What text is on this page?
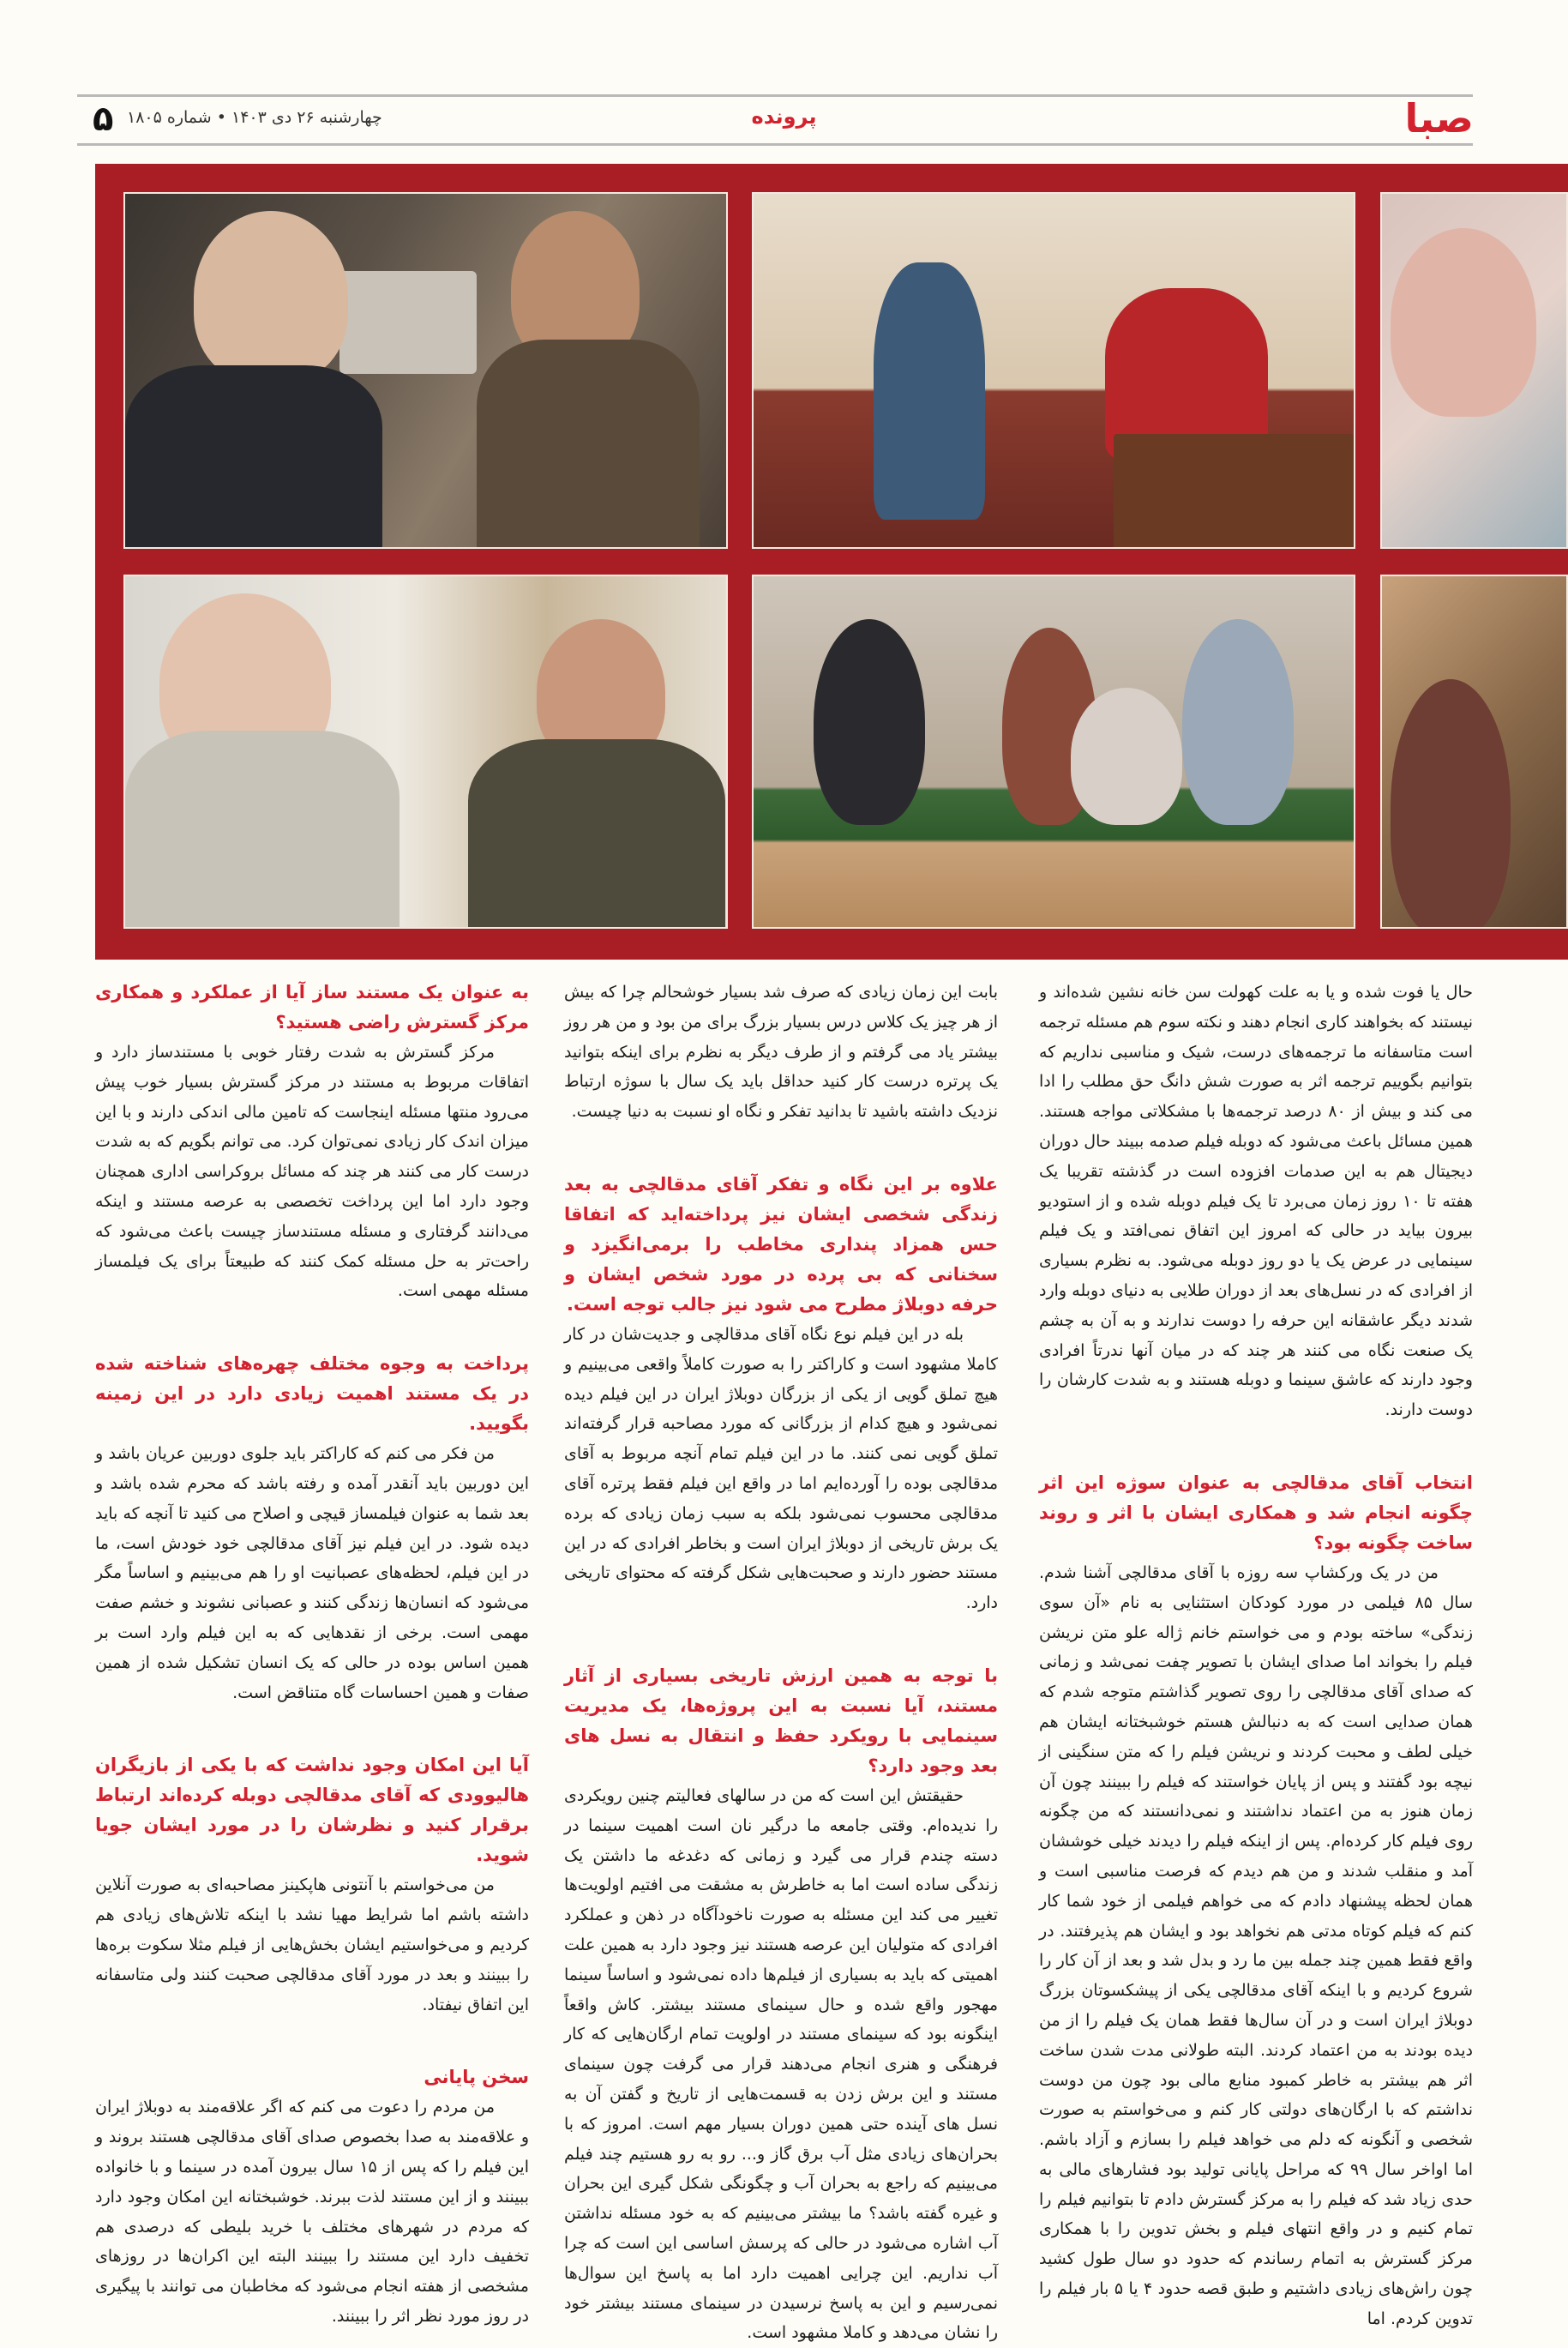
صبا
پرونده
۵ چهارشنبه ۲۶ دی ۱۴۰۳ • شماره ۱۸۰۵

حال یا فوت شده و یا به علت کهولت سن خانه نشین شده‌اند و نیستند که بخواهند کاری انجام دهند و نکته سوم هم مسئله ترجمه است متاسفانه ما ترجمه‌های درست، شیک و مناسبی نداریم که بتوانیم بگوییم ترجمه اثر به صورت شش دانگ حق مطلب را ادا می کند و بیش از ۸۰ درصد ترجمه‌ها با مشکلاتی مواجه هستند. همین مسائل باعث می‌شود که دوبله فیلم صدمه ببیند حال دوران دیجیتال هم به این صدمات افزوده است در گذشته تقریبا یک هفته تا ۱۰ روز زمان می‌برد تا یک فیلم دوبله شده و از استودیو بیرون بیاید در حالی که امروز این اتفاق نمی‌افتد و یک فیلم سینمایی در عرض یک یا دو روز دوبله می‌شود. به نظرم بسیاری از افرادی که در نسل‌های بعد از دوران طلایی به دنیای دوبله وارد شدند دیگر عاشقانه این حرفه را دوست ندارند و به آن به چشم یک صنعت نگاه می کنند هر چند که در میان آنها ندرتاً افرادی وجود دارند که عاشق سینما و دوبله هستند و به شدت کارشان را دوست دارند.

انتخاب آقای مدقالچی به عنوان سوژه این اثر چگونه انجام شد و همکاری ایشان با اثر و روند ساخت چگونه بود؟

من در یک ورکشاپ سه روزه با آقای مدقالچی آشنا شدم. سال ۸۵ فیلمی در مورد کودکان استثنایی به نام «آن سوی زندگی» ساخته بودم و می خواستم خانم ژاله علو متن نریشن فیلم را بخواند اما صدای ایشان با تصویر چفت نمی‌شد و زمانی که صدای آقای مدقالچی را روی تصویر گذاشتم متوجه شدم که همان صدایی است که به دنبالش هستم خوشبختانه ایشان هم خیلی لطف و محبت کردند و نریشن فیلم را که متن سنگینی از نیچه بود گفتند و پس از پایان خواستند که فیلم را ببینند چون آن زمان هنوز به من اعتماد نداشتند و نمی‌دانستند که من چگونه روی فیلم کار کرده‌ام. پس از اینکه فیلم را دیدند خیلی خوششان آمد و منقلب شدند و من هم دیدم که فرصت مناسبی است و همان لحظه پیشنهاد دادم که می خواهم فیلمی از خود شما کار کنم که فیلم کوتاه مدتی هم نخواهد بود و ایشان هم پذیرفتند. در واقع فقط همین چند جمله بین ما رد و بدل شد و بعد از آن کار را شروع کردیم و با اینکه آقای مدقالچی یکی از پیشکسوتان بزرگ دوبلاژ ایران است و در آن سال‌ها فقط همان یک فیلم را از من دیده بودند به من اعتماد کردند. البته طولانی مدت شدن ساخت اثر هم بیشتر به خاطر کمبود منابع مالی بود چون من دوست نداشتم که با ارگان‌های دولتی کار کنم و می‌خواستم به صورت شخصی و آنگونه که دلم می خواهد فیلم را بسازم و آزاد باشم. اما اواخر سال ۹۹ که مراحل پایانی تولید بود فشارهای مالی به حدی زیاد شد که فیلم را به مرکز گسترش دادم تا بتوانیم فیلم را تمام کنیم و در واقع انتهای فیلم و بخش تدوین را با همکاری مرکز گسترش به اتمام رساندم که حدود دو سال طول کشید چون راش‌های زیادی داشتیم و طبق قصه حدود ۴ یا ۵ بار فیلم را تدوین کردم. اما

بابت این زمان زیادی که صرف شد بسیار خوشحالم چرا که بیش از هر چیز یک کلاس درس بسیار بزرگ برای من بود و من هر روز بیشتر یاد می گرفتم و از طرف دیگر به نظرم برای اینکه بتوانید یک پرتره درست کار کنید حداقل باید یک سال با سوژه ارتباط نزدیک داشته باشید تا بدانید تفکر و نگاه او نسبت به دنیا چیست.

علاوه بر این نگاه و تفکر آقای مدقالچی به بعد زندگی شخصی ایشان نیز پرداخته‌اید که اتفاقا حس همزاد پنداری مخاطب را برمی‌انگیزد و سخنانی که بی پرده در مورد شخص ایشان و حرفه دوبلاژ مطرح می شود نیز جالب توجه است.

بله در این فیلم نوع نگاه آقای مدقالچی و جدیت‌شان در کار کاملا مشهود است و کاراکتر را به صورت کاملاً واقعی می‌بینیم و هیچ تملق گویی از یکی از بزرگان دوبلاژ ایران در این فیلم دیده نمی‌شود و هیچ کدام از بزرگانی که مورد مصاحبه قرار گرفته‌اند تملق گویی نمی کنند. ما در این فیلم تمام آنچه مربوط به آقای مدقالچی بوده را آورده‌ایم اما در واقع این فیلم فقط پرتره آقای مدقالچی محسوب نمی‌شود بلکه به سبب زمان زیادی که برده یک برش تاریخی از دوبلاژ ایران است و بخاطر افرادی که در این مستند حضور دارند و صحبت‌هایی شکل گرفته که محتوای تاریخی دارد.

با توجه به همین ارزش تاریخی بسیاری از آثار مستند، آیا نسبت به این پروژه‌ها، یک مدیریت سینمایی با رویکرد حفظ و انتقال به نسل های بعد وجود دارد؟

حقیقتش این است که من در سالهای فعالیتم چنین رویکردی را ندیده‌ام. وقتی جامعه ما درگیر نان است اهمیت سینما در دسته چندم قرار می گیرد و زمانی که دغدغه ما داشتن یک زندگی ساده است اما به خاطرش به مشقت می افتیم اولویت‌ها تغییر می کند این مسئله به صورت ناخودآگاه در ذهن و عملکرد افرادی که متولیان این عرصه هستند نیز وجود دارد به همین علت اهمیتی که باید به بسیاری از فیلم‌ها داده نمی‌شود و اساساً سینما مهجور واقع شده و حال سینمای مستند بیشتر. کاش واقعاً اینگونه بود که سینمای مستند در اولویت تمام ارگان‌هایی که کار فرهنگی و هنری انجام می‌دهند قرار می گرفت چون سینمای مستند و این برش زدن به قسمت‌هایی از تاریخ و گفتن آن به نسل های آینده حتی همین دوران بسیار مهم است. امروز که با بحران‌های زیادی مثل آب برق گاز و... رو به رو هستیم چند فیلم می‌بینیم که راجع به بحران آب و چگونگی شکل گیری این بحران و غیره گفته باشد؟ ما بیشتر می‌بینیم که به خود مسئله نداشتن آب اشاره می‌شود در حالی که پرسش اساسی این است که چرا آب نداریم. این چرایی اهمیت دارد اما به پاسخ این سوال‌ها نمی‌رسیم و این به پاسخ نرسیدن در سینمای مستند بیشتر خود را نشان می‌دهد و کاملا مشهود است.

به عنوان یک مستند ساز آیا از عملکرد و همکاری مرکز گسترش راضی هستید؟

مرکز گسترش به شدت رفتار خوبی با مستندساز دارد و اتفاقات مربوط به مستند در مرکز گسترش بسیار خوب پیش می‌رود منتها مسئله اینجاست که تامین مالی اندکی دارند و با این میزان اندک کار زیادی نمی‌توان کرد. می توانم بگویم که به شدت درست کار می کنند هر چند که مسائل بروکراسی اداری همچنان وجود دارد اما این پرداخت تخصصی به عرصه مستند و اینکه می‌دانند گرفتاری و مسئله مستندساز چیست باعث می‌شود که راحت‌تر به حل مسئله کمک کنند که طبیعتاً برای یک فیلمساز مسئله مهمی است.

پرداخت به وجوه مختلف چهره‌های شناخته شده در یک مستند اهمیت زیادی دارد در این زمینه بگویید.

من فکر می کنم که کاراکتر باید جلوی دوربین عریان باشد و این دوربین باید آنقدر آمده و رفته باشد که محرم شده باشد و بعد شما به عنوان فیلمساز قیچی و اصلاح می کنید تا آنچه که باید دیده شود. در این فیلم نیز آقای مدقالچی خود خودش است، ما در این فیلم، لحظه‌های عصبانیت او را هم می‌بینیم و اساساً مگر می‌شود که انسان‌ها زندگی کنند و عصبانی نشوند و خشم صفت مهمی است. برخی از نقدهایی که به این فیلم وارد است بر همین اساس بوده در حالی که یک انسان تشکیل شده از همین صفات و همین احساسات گاه متناقض است.

آیا این امکان وجود نداشت که با یکی از بازیگران هالیوودی که آقای مدقالچی دوبله کرده‌اند ارتباط برقرار کنید و نظرشان را در مورد ایشان جویا شوید.

من می‌خواستم با آنتونی هاپکینز مصاحبه‌ای به صورت آنلاین داشته باشم اما شرایط مهیا نشد با اینکه تلاش‌های زیادی هم کردیم و می‌خواستیم ایشان بخش‌هایی از فیلم مثلا سکوت بره‌ها را ببینند و بعد در مورد آقای مدقالچی صحبت کنند ولی متاسفانه این اتفاق نیفتاد.

سخن پایانی

من مردم را دعوت می کنم که اگر علاقه‌مند به دوبلاژ ایران و علاقه‌مند به صدا بخصوص صدای آقای مدقالچی هستند بروند و این فیلم را که پس از ۱۵ سال بیرون آمده در سینما و با خانواده ببینند و از این مستند لذت ببرند. خوشبختانه این امکان وجود دارد که مردم در شهرهای مختلف با خرید بلیطی که درصدی هم تخفیف دارد این مستند را ببینند البته این اکران‌ها در روزهای مشخصی از هفته انجام می‌شود که مخاطبان می توانند با پیگیری در روز مورد نظر اثر را ببینند.
